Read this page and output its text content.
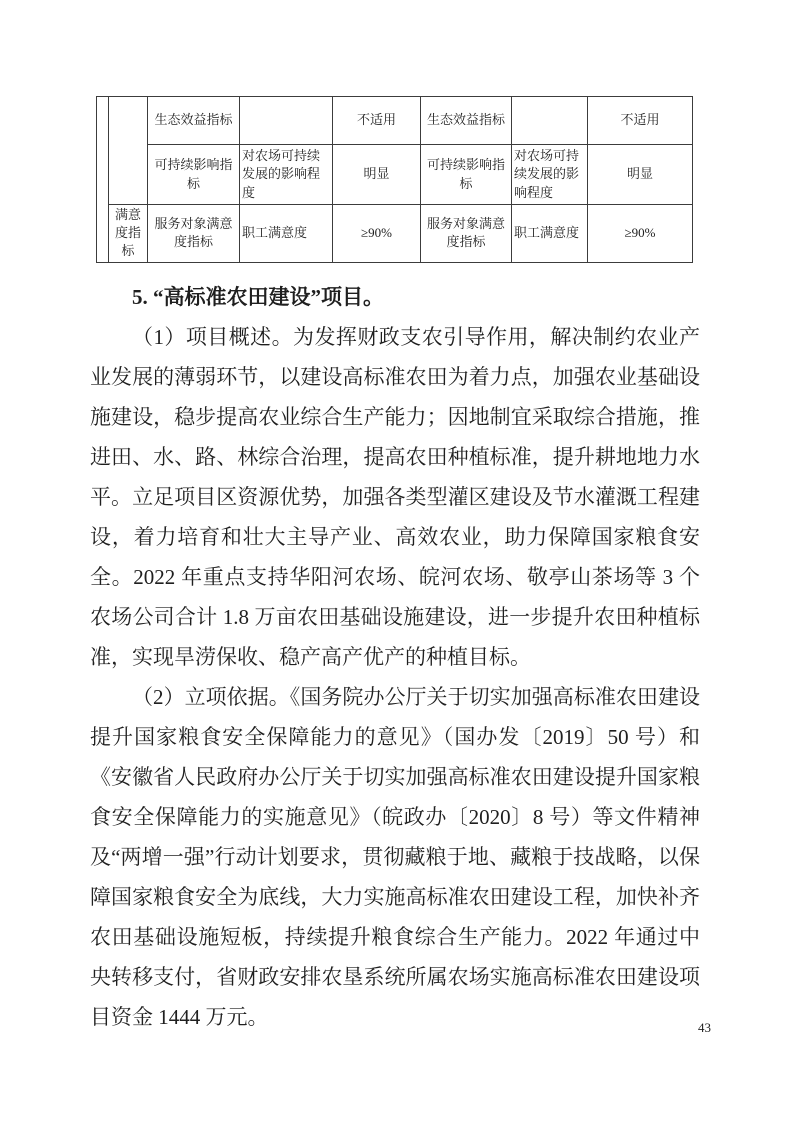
		生态效益指标		不适用	生态效益指标		不适用
		可持续影响指标	对农场可持续发展的影响程度	明显	可持续影响指标	对农场可持续发展的影响程度	明显
	满意度指标	服务对象满意度指标	职工满意度	≥90%	服务对象满意度指标	职工满意度	≥90%
5. “高标准农田建设”项目。

（1）项目概述。为发挥财政支农引导作用，解决制约农业产业发展的薄弱环节，以建设高标准农田为着力点，加强农业基础设施建设，稳步提高农业综合生产能力；因地制宜采取综合措施，推进田、水、路、林综合治理，提高农田种植标准，提升耕地地力水平。立足项目区资源优势，加强各类型灌区建设及节水灌溉工程建设，着力培育和壮大主导产业、高效农业，助力保障国家粮食安全。2022 年重点支持华阳河农场、皖河农场、敬亭山茶场等 3 个农场公司合计 1.8 万亩农田基础设施建设，进一步提升农田种植标准，实现旱涝保收、稳产高产优产的种植目标。

（2）立项依据。《国务院办公厅关于切实加强高标准农田建设提升国家粮食安全保障能力的意见》（国办发〔2019〕50 号）和《安徽省人民政府办公厅关于切实加强高标准农田建设提升国家粮食安全保障能力的实施意见》（皖政办〔2020〕8 号）等文件精神及“两增一强”行动计划要求，贯彻藏粮于地、藏粮于技战略，以保障国家粮食安全为底线，大力实施高标准农田建设工程，加快补齐农田基础设施短板，持续提升粮食综合生产能力。2022 年通过中央转移支付，省财政安排农垦系统所属农场实施高标准农田建设项目资金 1444 万元。	43
